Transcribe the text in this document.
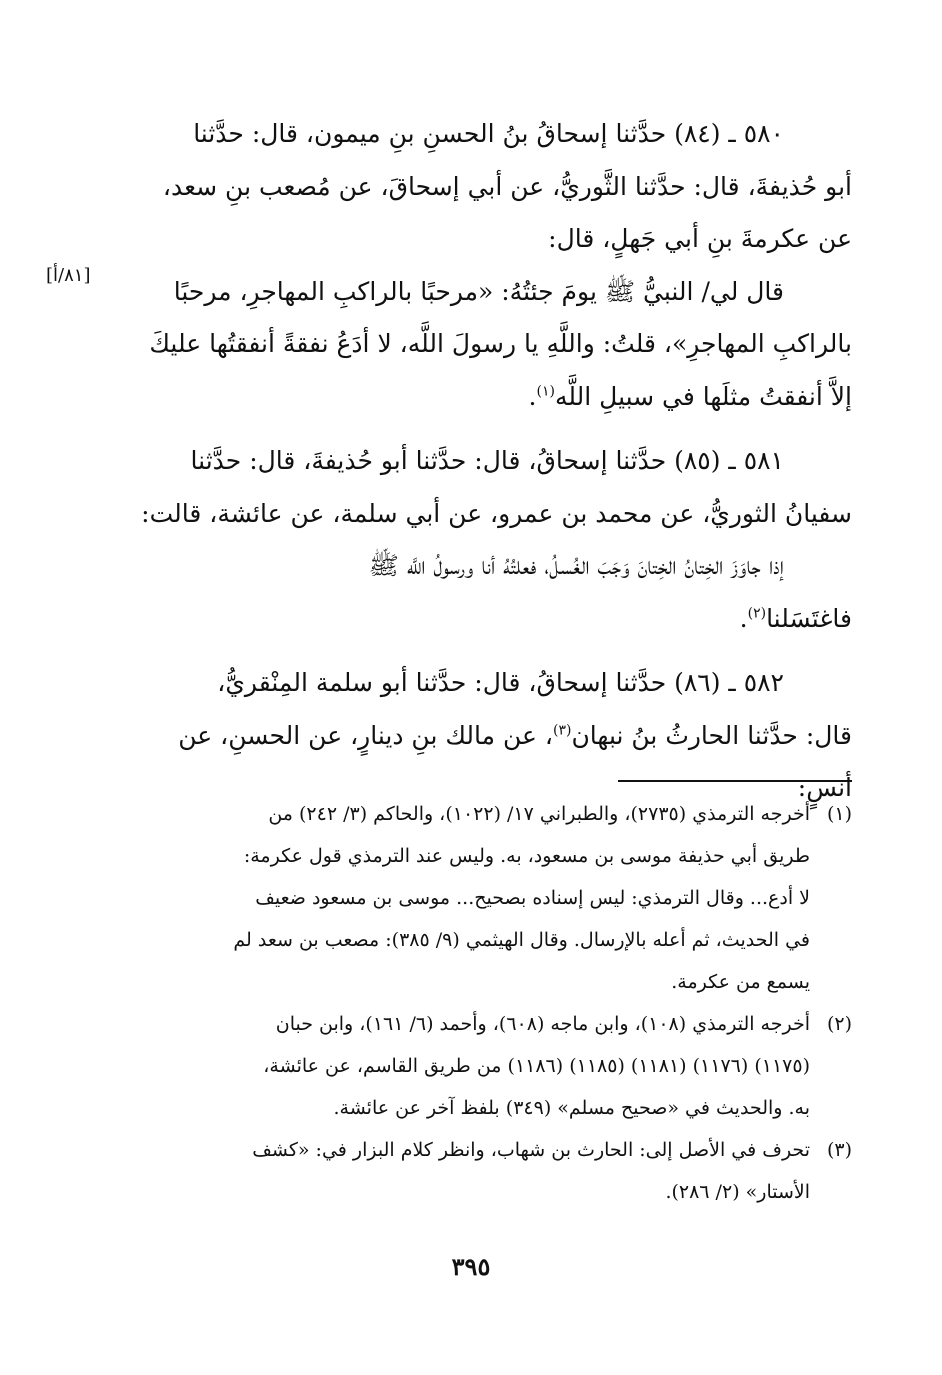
[٨١/أ]
٥٨٠ ـ (٨٤) حدَّثنا إسحاقُ بنُ الحسنِ بنِ ميمون، قال: حدَّثنا
أبو حُذيفةَ، قال: حدَّثنا الثَّوريُّ، عن أبي إسحاقَ، عن مُصعب بنِ سعد،
عن عكرمةَ بنِ أبي جَهلٍ، قال:
قال لي/ النبيُّ ﷺ يومَ جئتُهُ: «مرحبًا بالراكبِ المهاجرِ، مرحبًا
بالراكبِ المهاجرِ»، قلتُ: واللَّهِ يا رسولَ اللَّه، لا أدَعُ نفقةً أنفقتُها عليكَ
إلاَّ أنفقتُ مثلَها في سبيلِ اللَّه$^{(١)}$.
٥٨١ ـ (٨٥) حدَّثنا إسحاقُ، قال: حدَّثنا أبو حُذيفةَ، قال: حدَّثنا
سفيانُ الثوريُّ، عن محمد بن عمرو، عن أبي سلمة، عن عائشة، قالت:
إذا جاوَزَ الخِتانُ الخِتانَ وَجَبَ الغُسلُ، فعلتُهُ أنا ورسولُ اللَّه ﷺ
فاغتَسَلنا$^{(٢)}$.
٥٨٢ ـ (٨٦) حدَّثنا إسحاقُ، قال: حدَّثنا أبو سلمة المِنْقريُّ،
قال: حدَّثنا الحارثُ بنُ نبهان$^{(٣)}$، عن مالك بنِ دينارٍ، عن الحسنِ، عن
أنسٍ:
(١)
أخرجه الترمذي (٢٧٣٥)، والطبراني ١٧/ (١٠٢٢)، والحاكم (٣/ ٢٤٢) من
طريق أبي حذيفة موسى بن مسعود، به. وليس عند الترمذي قول عكرمة:
لا أدع... وقال الترمذي: ليس إسناده بصحيح... موسى بن مسعود ضعيف
في الحديث، ثم أعله بالإرسال. وقال الهيثمي (٩/ ٣٨٥): مصعب بن سعد لم
يسمع من عكرمة.
(٢)
أخرجه الترمذي (١٠٨)، وابن ماجه (٦٠٨)، وأحمد (٦/ ١٦١)، وابن حبان
(١١٧٥) (١١٧٦) (١١٨١) (١١٨٥) (١١٨٦) من طريق القاسم، عن عائشة،
به. والحديث في «صحيح مسلم» (٣٤٩) بلفظ آخر عن عائشة.
(٣)
تحرف في الأصل إلى: الحارث بن شهاب، وانظر كلام البزار في: «كشف
الأستار» (٢/ ٢٨٦).
٣٩٥
